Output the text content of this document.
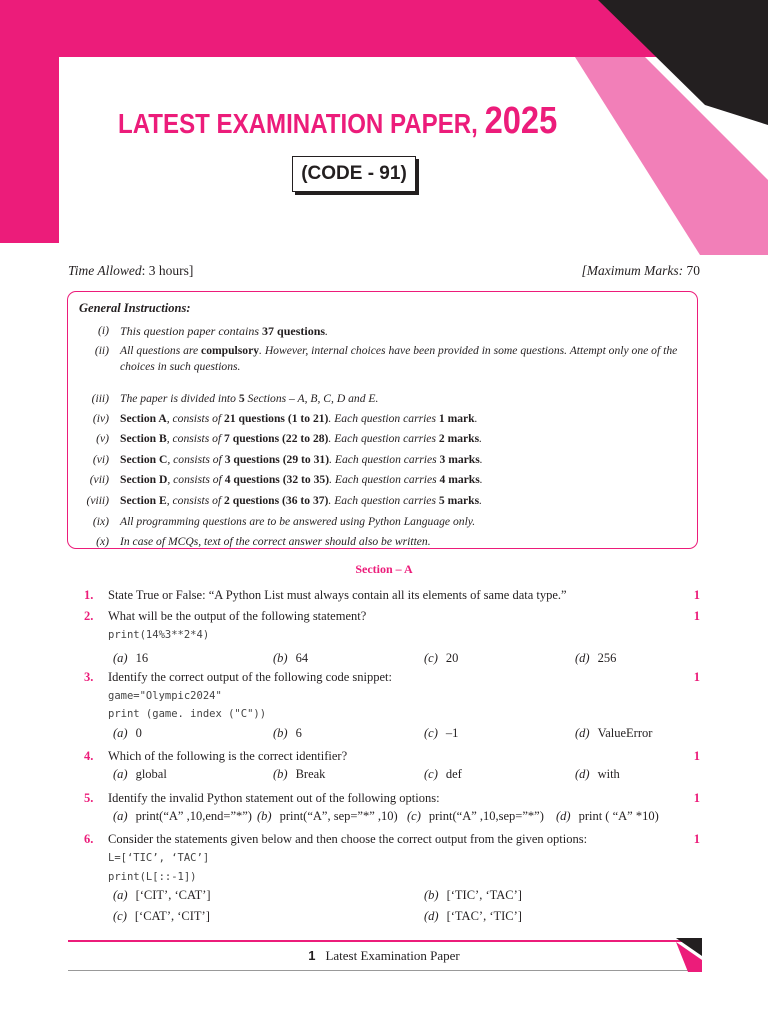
LATEST EXAMINATION PAPER, 2025
(CODE - 91)
Time Allowed: 3 hours]	[Maximum Marks: 70
General Instructions:
(i) This question paper contains 37 questions.
(ii) All questions are compulsory. However, internal choices have been provided in some questions. Attempt only one of the choices in such questions.
(iii) The paper is divided into 5 Sections – A, B, C, D and E.
(iv) Section A, consists of 21 questions (1 to 21). Each question carries 1 mark.
(v) Section B, consists of 7 questions (22 to 28). Each question carries 2 marks.
(vi) Section C, consists of 3 questions (29 to 31). Each question carries 3 marks.
(vii) Section D, consists of 4 questions (32 to 35). Each question carries 4 marks.
(viii) Section E, consists of 2 questions (36 to 37). Each question carries 5 marks.
(ix) All programming questions are to be answered using Python Language only.
(x) In case of MCQs, text of the correct answer should also be written.
Section – A
1. State True or False: “A Python List must always contain all its elements of same data type.”	1
2. What will be the output of the following statement?	1
print(14%3**2*4)
(a) 16	(b) 64	(c) 20	(d) 256
3. Identify the correct output of the following code snippet:	1
game="Olympic2024"
print (game. index ("C"))
(a) 0	(b) 6	(c) –1	(d) ValueError
4. Which of the following is the correct identifier?	1
(a) global	(b) Break	(c) def	(d) with
5. Identify the invalid Python statement out of the following options:	1
(a) print(“A” ,10,end=”*”) (b) print(“A”, sep=”*” ,10) (c) print(“A” ,10,sep=”*”) (d) print ( “A” *10)
6. Consider the statements given below and then choose the correct output from the given options:	1
L=[‘TIC’, ‘TAC’]
print(L[::-1])
(a) [‘CIT’, ‘CAT’]	(b) [‘TIC’, ‘TAC’]
(c) [‘CAT’, ‘CIT’]	(d) [‘TAC’, ‘TIC’]
1 Latest Examination Paper
